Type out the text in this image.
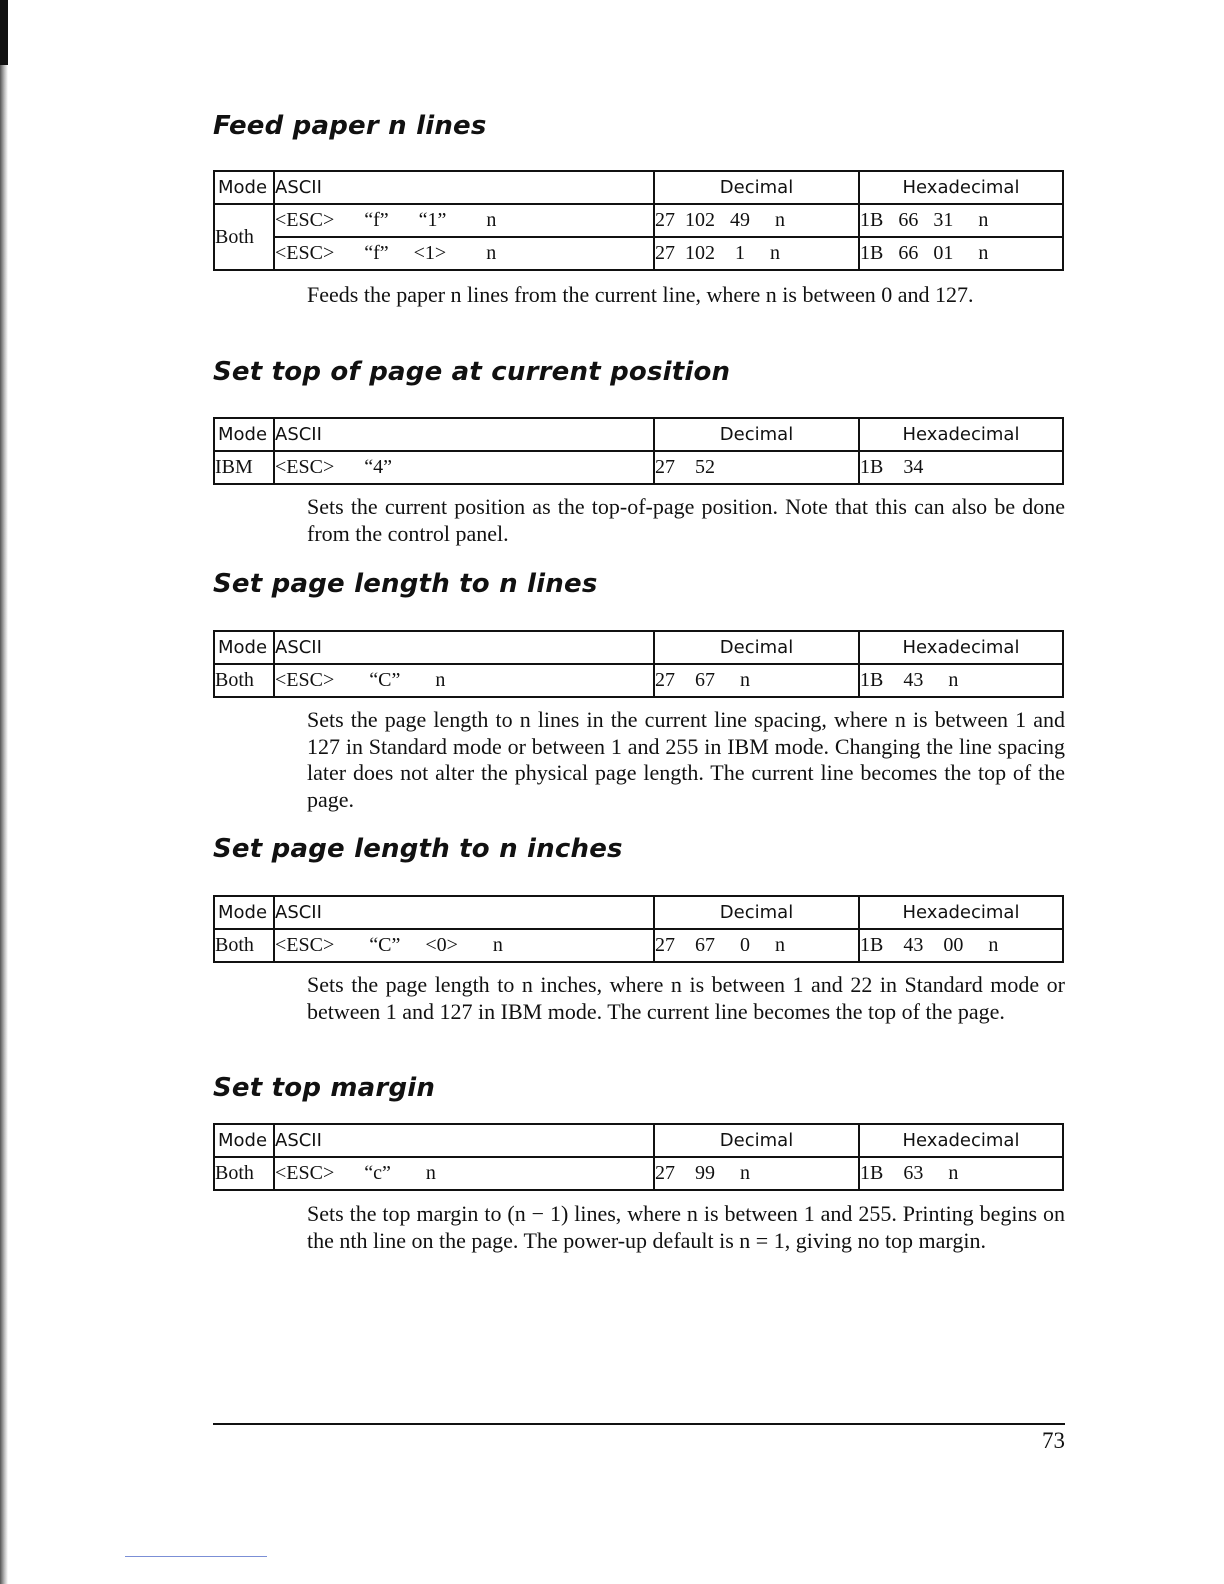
Feed paper n lines
Mode	ASCII	Decimal	Hexadecimal
Both	<ESC>      “f”      “1”        n	27  102   49     n	1B   66   31     n
	<ESC>      “f”     <1>        n	27  102    1     n	1B   66   01     n

Feeds the paper n lines from the current line, where n is between 0 and 127.

Set top of page at current position
Mode	ASCII	Decimal	Hexadecimal
IBM	<ESC>      “4”	27    52	1B    34

Sets the current position as the top-of-page position. Note that this can also be done from the control panel.

Set page length to n lines
Mode	ASCII	Decimal	Hexadecimal
Both	<ESC>       “C”       n	27    67     n	1B    43     n

Sets the page length to n lines in the current line spacing, where n is between 1 and 127 in Standard mode or between 1 and 255 in IBM mode. Changing the line spacing later does not alter the physical page length. The current line becomes the top of the page.

Set page length to n inches
Mode	ASCII	Decimal	Hexadecimal
Both	<ESC>       “C”     <0>       n	27    67     0     n	1B    43    00     n

Sets the page length to n inches, where n is between 1 and 22 in Standard mode or between 1 and 127 in IBM mode. The current line becomes the top of the page.

Set top margin
Mode	ASCII	Decimal	Hexadecimal
Both	<ESC>      “c”       n	27    99     n	1B    63     n

Sets the top margin to (n − 1) lines, where n is between 1 and 255. Printing begins on the nth line on the page. The power-up default is n = 1, giving no top margin.

73
